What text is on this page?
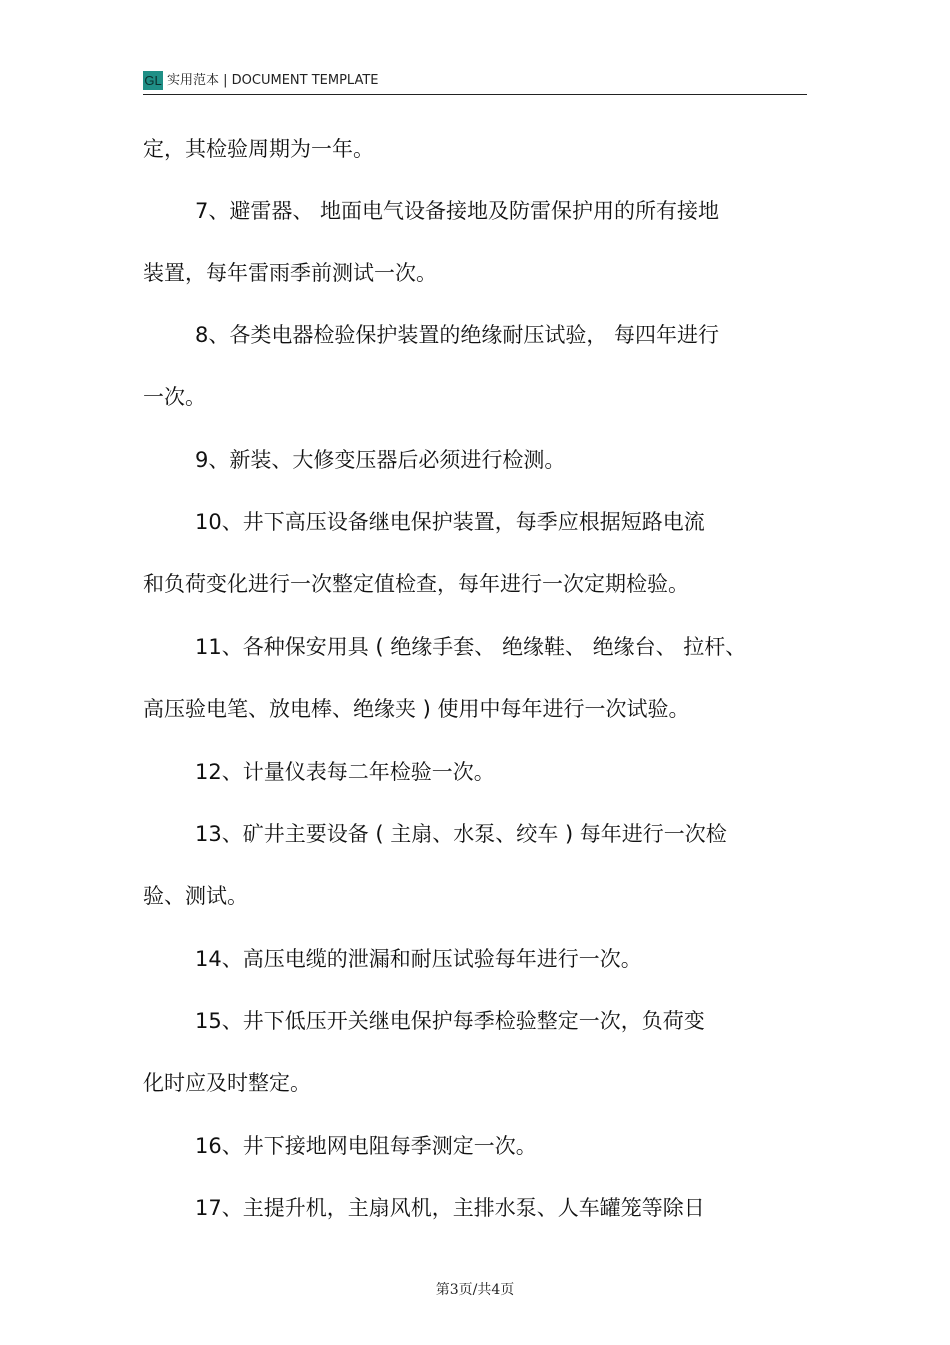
GL 实用范本 | DOCUMENT TEMPLATE
定，其检验周期为一年。
7、避雷器、 地面电气设备接地及防雷保护用的所有接地
装置，每年雷雨季前测试一次。
8、各类电器检验保护装置的绝缘耐压试验， 每四年进行
一次。
9、新装、大修变压器后必须进行检测。
10、井下高压设备继电保护装置，每季应根据短路电流
和负荷变化进行一次整定值检查，每年进行一次定期检验。
11、各种保安用具 ( 绝缘手套、 绝缘鞋、 绝缘台、 拉杆、
高压验电笔、放电棒、绝缘夹 ) 使用中每年进行一次试验。
12、计量仪表每二年检验一次。
13、矿井主要设备 ( 主扇、水泵、绞车 ) 每年进行一次检
验、测试。
14、高压电缆的泄漏和耐压试验每年进行一次。
15、井下低压开关继电保护每季检验整定一次，负荷变
化时应及时整定。
16、井下接地网电阻每季测定一次。
17、主提升机，主扇风机，主排水泵、人车罐笼等除日
第3页/共4页
